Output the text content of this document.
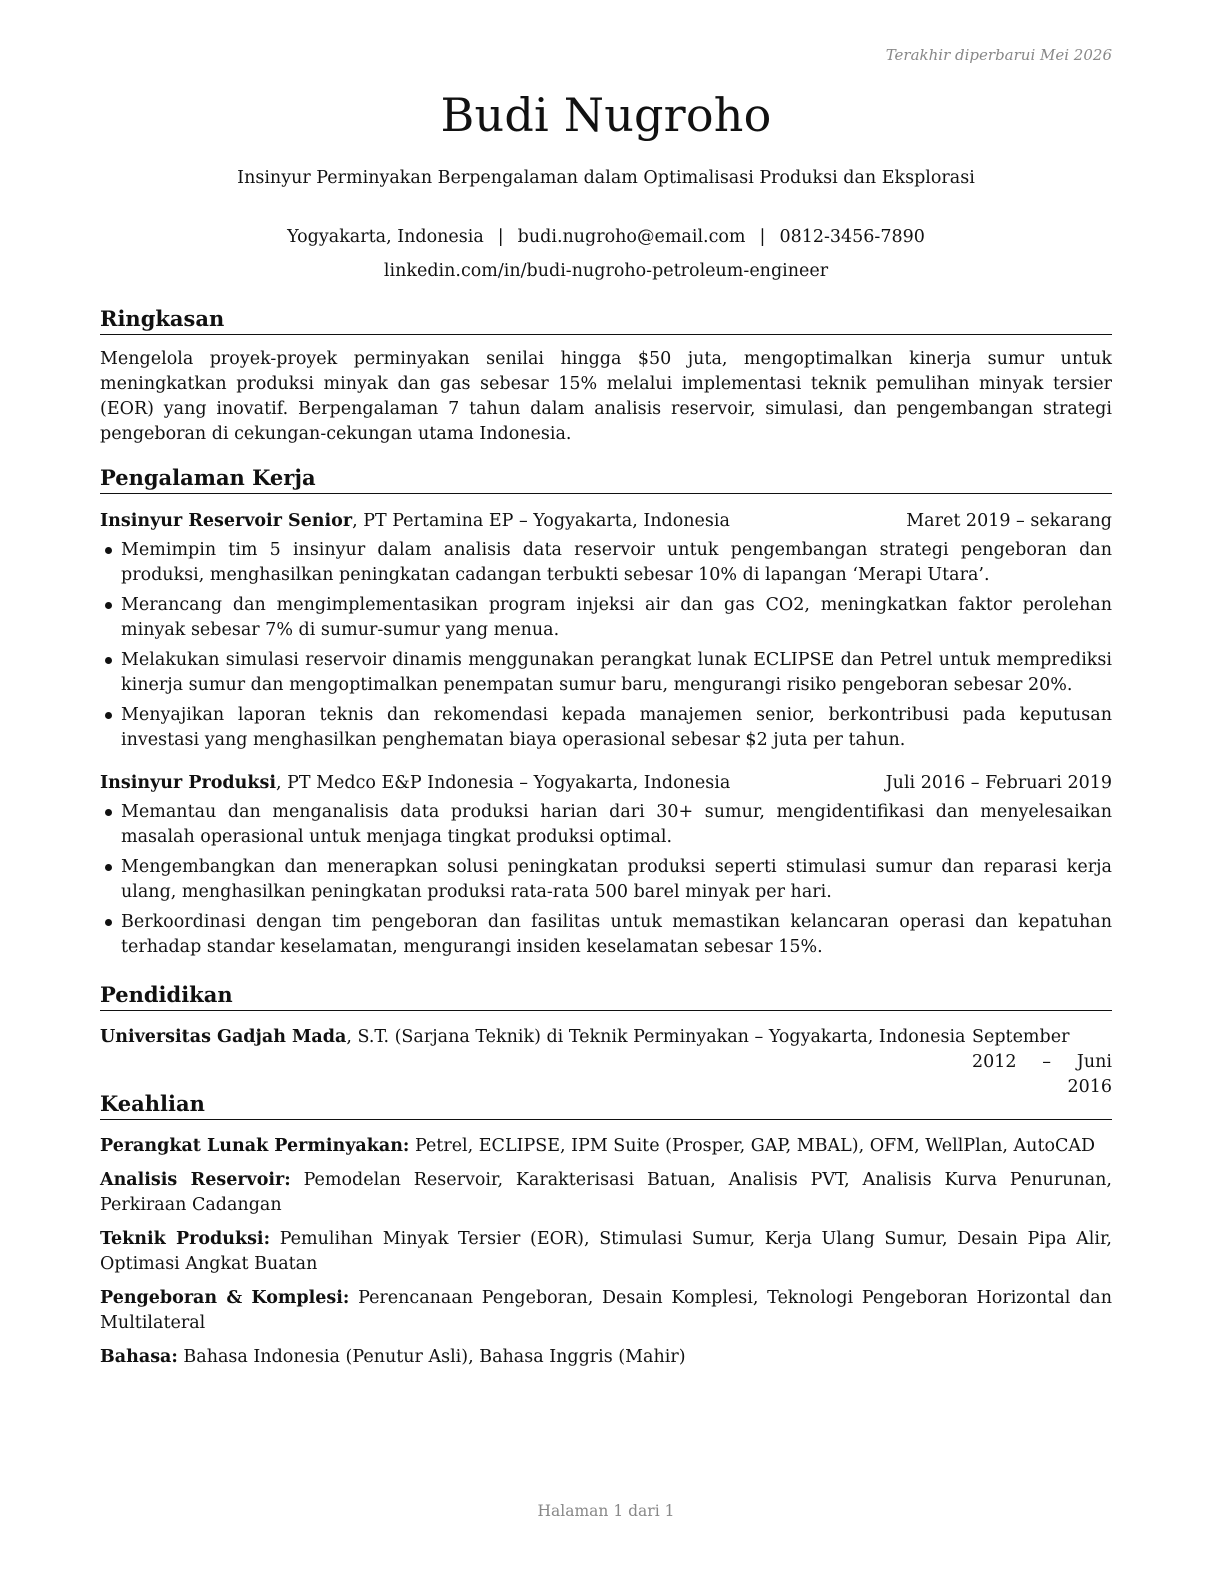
Terakhir diperbarui Mei 2026
Budi Nugroho
Insinyur Perminyakan Berpengalaman dalam Optimalisasi Produksi dan Eksplorasi
Yogyakarta, Indonesia | budi.nugroho@email.com | 0812-3456-7890
linkedin.com/in/budi-nugroho-petroleum-engineer
Ringkasan

Mengelola proyek-proyek perminyakan senilai hingga $50 juta, mengoptimalkan kinerja sumur untuk meningkatkan produksi minyak dan gas sebesar 15% melalui implementasi teknik pemulihan minyak tersier (EOR) yang inovatif. Berpengalaman 7 tahun dalam analisis reservoir, simulasi, dan pengembangan strategi pengeboran di cekungan-cekungan utama Indonesia.

Pengalaman Kerja
Insinyur Reservoir Senior, PT Pertamina EP – Yogyakarta, Indonesia	Maret 2019 – sekarang
Memimpin tim 5 insinyur dalam analisis data reservoir untuk pengembangan strategi pengeboran dan produksi, menghasilkan peningkatan cadangan terbukti sebesar 10% di lapangan ‘Merapi Utara’.
Merancang dan mengimplementasikan program injeksi air dan gas CO2, meningkatkan faktor perolehan minyak sebesar 7% di sumur-sumur yang menua.
Melakukan simulasi reservoir dinamis menggunakan perangkat lunak ECLIPSE dan Petrel untuk memprediksi kinerja sumur dan mengoptimalkan penempatan sumur baru, mengurangi risiko pengeboran sebesar 20%.
Menyajikan laporan teknis dan rekomendasi kepada manajemen senior, berkontribusi pada keputusan investasi yang menghasilkan penghematan biaya operasional sebesar $2 juta per tahun.
Insinyur Produksi, PT Medco E&P Indonesia – Yogyakarta, Indonesia	Juli 2016 – Februari 2019
Memantau dan menganalisis data produksi harian dari 30+ sumur, mengidentifikasi dan menyelesaikan masalah operasional untuk menjaga tingkat produksi optimal.
Mengembangkan dan menerapkan solusi peningkatan produksi seperti stimulasi sumur dan reparasi kerja ulang, menghasilkan peningkatan produksi rata-rata 500 barel minyak per hari.
Berkoordinasi dengan tim pengeboran dan fasilitas untuk memastikan kelancaran operasi dan kepatuhan terhadap standar keselamatan, mengurangi insiden keselamatan sebesar 15%.
Pendidikan
Universitas Gadjah Mada, S.T. (Sarjana Teknik) di Teknik Perminyakan – Yogyakarta, Indonesia September 2012 – Juni 2016
Keahlian

Perangkat Lunak Perminyakan: Petrel, ECLIPSE, IPM Suite (Prosper, GAP, MBAL), OFM, WellPlan, AutoCAD

Analisis Reservoir: Pemodelan Reservoir, Karakterisasi Batuan, Analisis PVT, Analisis Kurva Penurunan, Perkiraan Cadangan

Teknik Produksi: Pemulihan Minyak Tersier (EOR), Stimulasi Sumur, Kerja Ulang Sumur, Desain Pipa Alir, Optimasi Angkat Buatan

Pengeboran & Komplesi: Perencanaan Pengeboran, Desain Komplesi, Teknologi Pengeboran Horizontal dan Multilateral

Bahasa: Bahasa Indonesia (Penutur Asli), Bahasa Inggris (Mahir)

Halaman 1 dari 1
